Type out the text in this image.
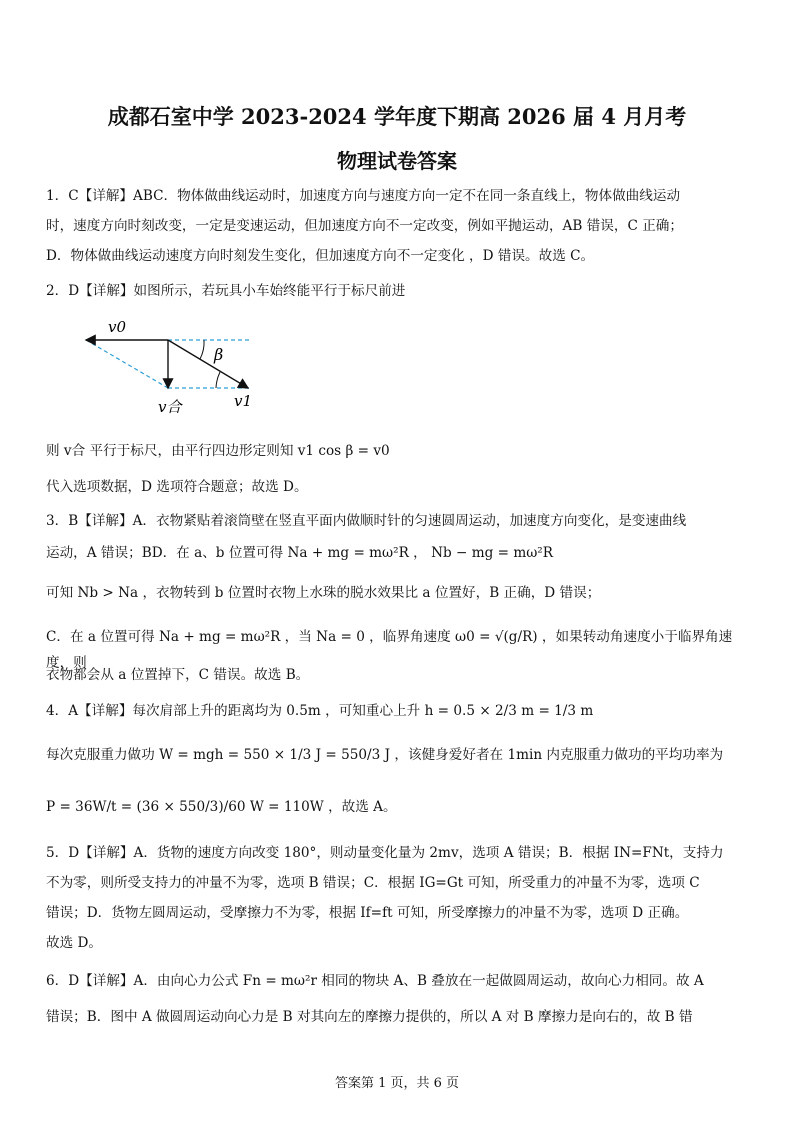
成都石室中学 2023-2024 学年度下期高 2026 届 4 月月考
物理试卷答案

1．C【详解】ABC．物体做曲线运动时，加速度方向与速度方向一定不在同一条直线上，物体做曲线运动

时，速度方向时刻改变，一定是变速运动，但加速度方向不一定改变，例如平抛运动，AB 错误，C 正确；

D．物体做曲线运动速度方向时刻发生变化，但加速度方向不一定变化 ，D 错误。故选 C。

2．D【详解】如图所示，若玩具小车始终能平行于标尺前进

v0
β
v合	v1

则 v合 平行于标尺，由平行四边形定则知 v1 cos β = v0

代入选项数据，D 选项符合题意；故选 D。

3．B【详解】A．衣物紧贴着滚筒壁在竖直平面内做顺时针的匀速圆周运动，加速度方向变化，是变速曲线

运动，A 错误；BD．在 a、b 位置可得 Na + mg = mω²R ， Nb − mg = mω²R

可知 Nb > Na ，衣物转到 b 位置时衣物上水珠的脱水效果比 a 位置好，B 正确，D 错误；

C．在 a 位置可得 Na + mg = mω²R ，当 Na = 0 ，临界角速度 ω0 = √(g/R) ，如果转动角速度小于临界角速度，则

衣物都会从 a 位置掉下，C 错误。故选 B。

4．A【详解】每次肩部上升的距离均为 0.5m ，可知重心上升 h = 0.5 × 2/3 m = 1/3 m

每次克服重力做功 W = mgh = 550 × 1/3 J = 550/3 J ，该健身爱好者在 1min 内克服重力做功的平均功率为

P = 36W/t = (36 × 550/3)/60 W = 110W ，故选 A。

5．D【详解】A．货物的速度方向改变 180°，则动量变化量为 2mv，选项 A 错误；B．根据 IN=FNt，支持力

不为零，则所受支持力的冲量不为零，选项 B 错误；C．根据 IG=Gt 可知，所受重力的冲量不为零，选项 C

错误；D．货物左圆周运动，受摩擦力不为零，根据 If=ft 可知，所受摩擦力的冲量不为零，选项 D 正确。

故选 D。

6．D【详解】A．由向心力公式 Fn = mω²r 相同的物块 A、B 叠放在一起做圆周运动，故向心力相同。故 A

错误；B．图中 A 做圆周运动向心力是 B 对其向左的摩擦力提供的，所以 A 对 B 摩擦力是向右的，故 B 错

答案第 1 页，共 6 页
